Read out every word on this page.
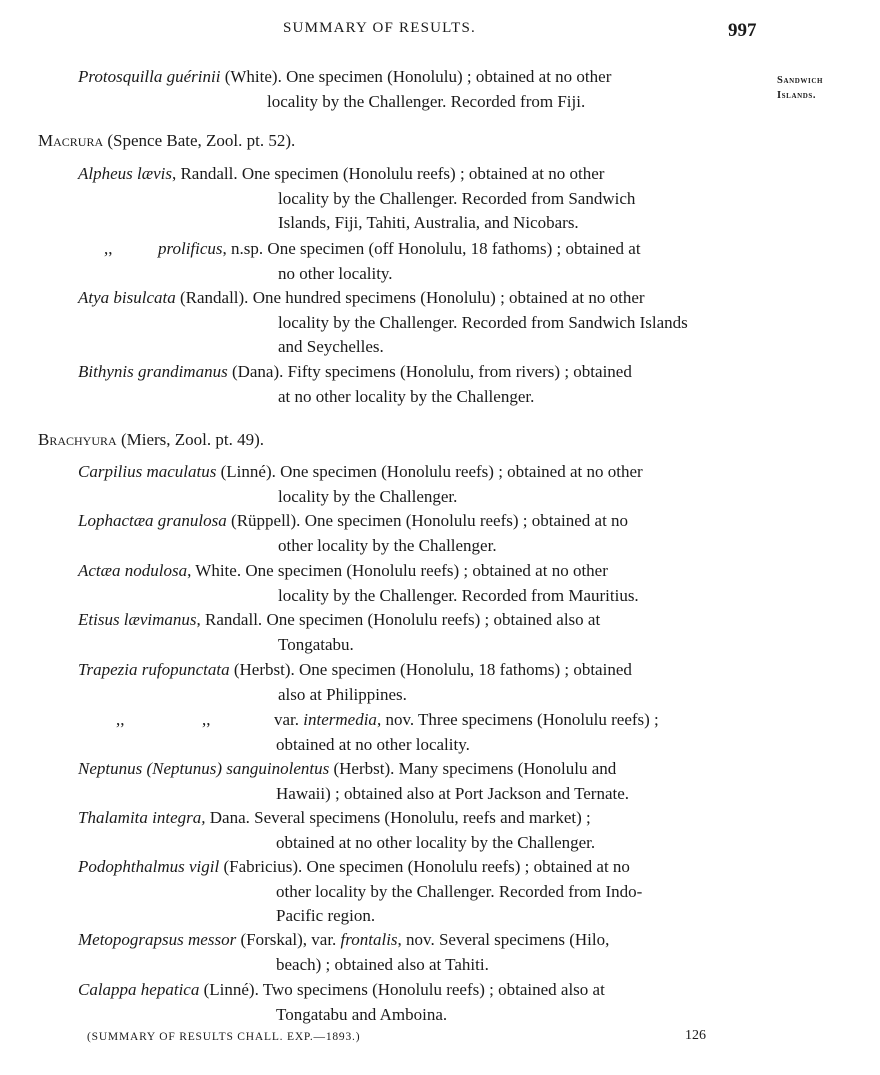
SUMMARY OF RESULTS.	997
Sandwich
Islands.
Protosquilla guérinii (White). One specimen (Honolulu) ; obtained at no other
locality by the Challenger. Recorded from Fiji.
Macrura (Spence Bate, Zool. pt. 52).
Alpheus lævis, Randall. One specimen (Honolulu reefs) ; obtained at no other
locality by the Challenger. Recorded from Sandwich
Islands, Fiji, Tahiti, Australia, and Nicobars.
,,	prolificus, n.sp. One specimen (off Honolulu, 18 fathoms) ; obtained at
no other locality.
Atya bisulcata (Randall). One hundred specimens (Honolulu) ; obtained at no other
locality by the Challenger. Recorded from Sandwich Islands
and Seychelles.
Bithynis grandimanus (Dana). Fifty specimens (Honolulu, from rivers) ; obtained
at no other locality by the Challenger.
Brachyura (Miers, Zool. pt. 49).
Carpilius maculatus (Linné). One specimen (Honolulu reefs) ; obtained at no other
locality by the Challenger.
Lophactæa granulosa (Rüppell). One specimen (Honolulu reefs) ; obtained at no
other locality by the Challenger.
Actæa nodulosa, White. One specimen (Honolulu reefs) ; obtained at no other
locality by the Challenger. Recorded from Mauritius.
Etisus lævimanus, Randall. One specimen (Honolulu reefs) ; obtained also at
Tongatabu.
Trapezia rufopunctata (Herbst). One specimen (Honolulu, 18 fathoms) ; obtained
also at Philippines.
,,	,,	var. intermedia, nov. Three specimens (Honolulu reefs) ;
obtained at no other locality.
Neptunus (Neptunus) sanguinolentus (Herbst). Many specimens (Honolulu and
Hawaii) ; obtained also at Port Jackson and Ternate.
Thalamita integra, Dana. Several specimens (Honolulu, reefs and market) ;
obtained at no other locality by the Challenger.
Podophthalmus vigil (Fabricius). One specimen (Honolulu reefs) ; obtained at no
other locality by the Challenger. Recorded from Indo-
Pacific region.
Metopograpsus messor (Forskal), var. frontalis, nov. Several specimens (Hilo,
beach) ; obtained also at Tahiti.
Calappa hepatica (Linné). Two specimens (Honolulu reefs) ; obtained also at
Tongatabu and Amboina.
(SUMMARY OF RESULTS CHALL. EXP.—1893.)	126
